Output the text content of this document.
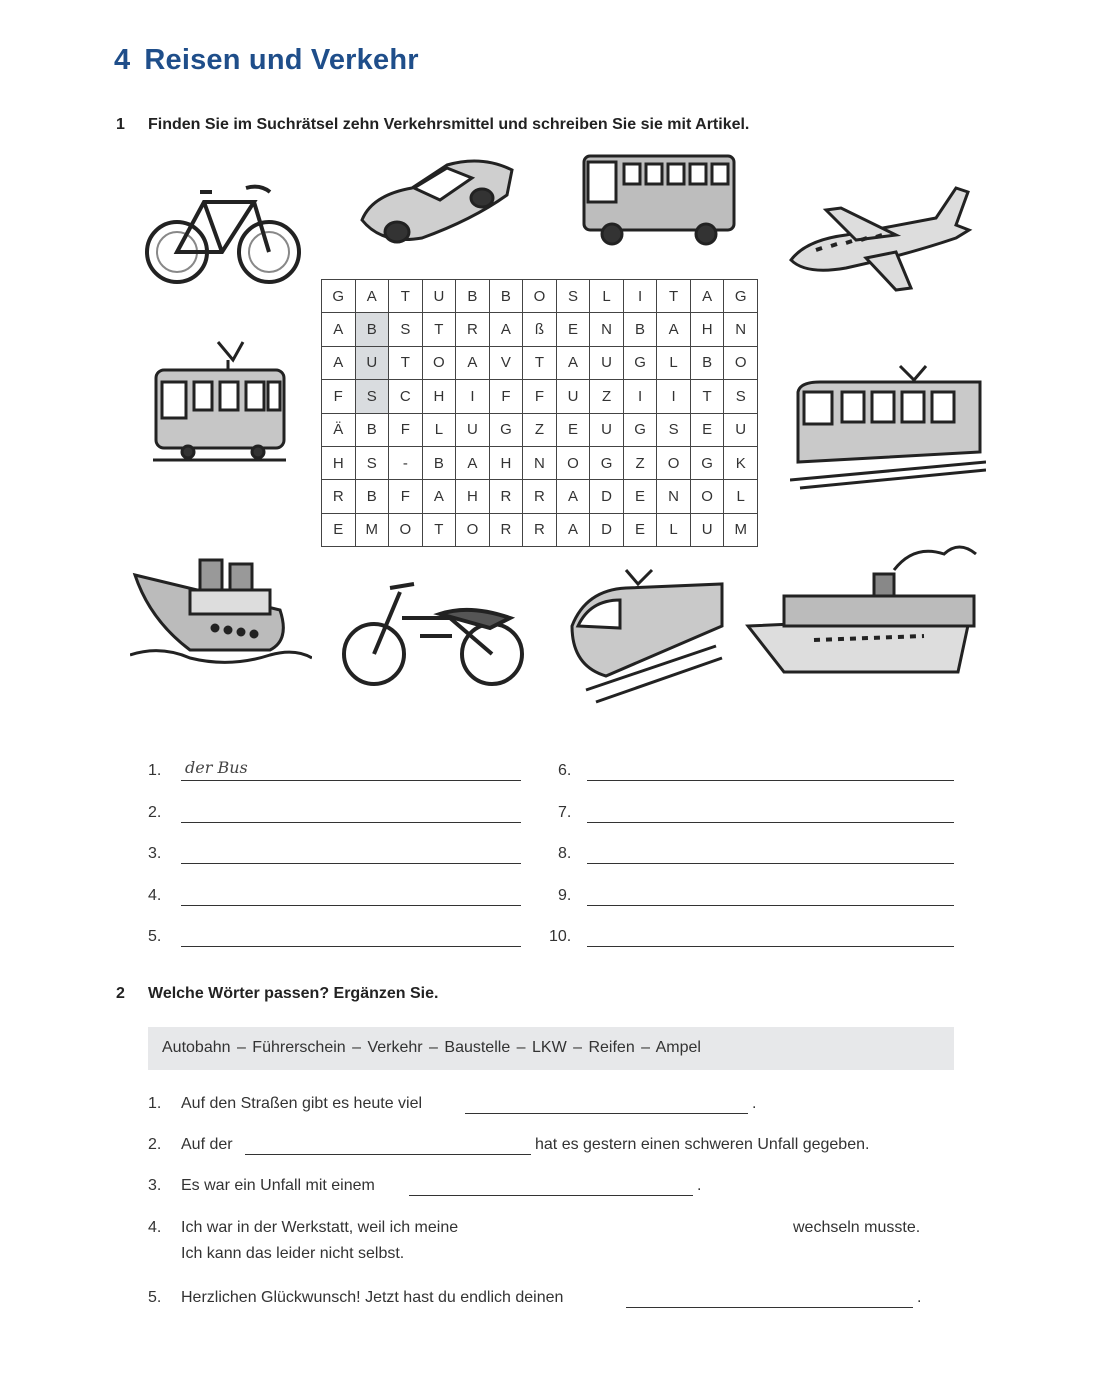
4 Reisen und Verkehr
1 Finden Sie im Suchrätsel zehn Verkehrsmittel und schreiben Sie sie mit Artikel.
G	A	T	U	B	B	O	S	L	I	T	A	G
A	B	S	T	R	A	ß	E	N	B	A	H	N
A	U	T	O	A	V	T	A	U	G	L	B	O
F	S	C	H	I	F	F	U	Z	I	I	T	S
Ä	B	F	L	U	G	Z	E	U	G	S	E	U
H	S	-	B	A	H	N	O	G	Z	O	G	K
R	B	F	A	H	R	R	A	D	E	N	O	L
E	M	O	T	O	R	R	A	D	E	L	U	M
1. der Bus
2.
3.
4.
5.
6.
7.
8.
9.
10.
2 Welche Wörter passen? Ergänzen Sie.
Autobahn – Führerschein – Verkehr – Baustelle – LKW – Reifen – Ampel
1. Auf den Straßen gibt es heute viel	.
2. Auf der	hat es gestern einen schweren Unfall gegeben.
3. Es war ein Unfall mit einem	.
4. Ich war in der Werkstatt, weil ich meine	wechseln musste.
Ich kann das leider nicht selbst.
5. Herzlichen Glückwunsch! Jetzt hast du endlich deinen	.
